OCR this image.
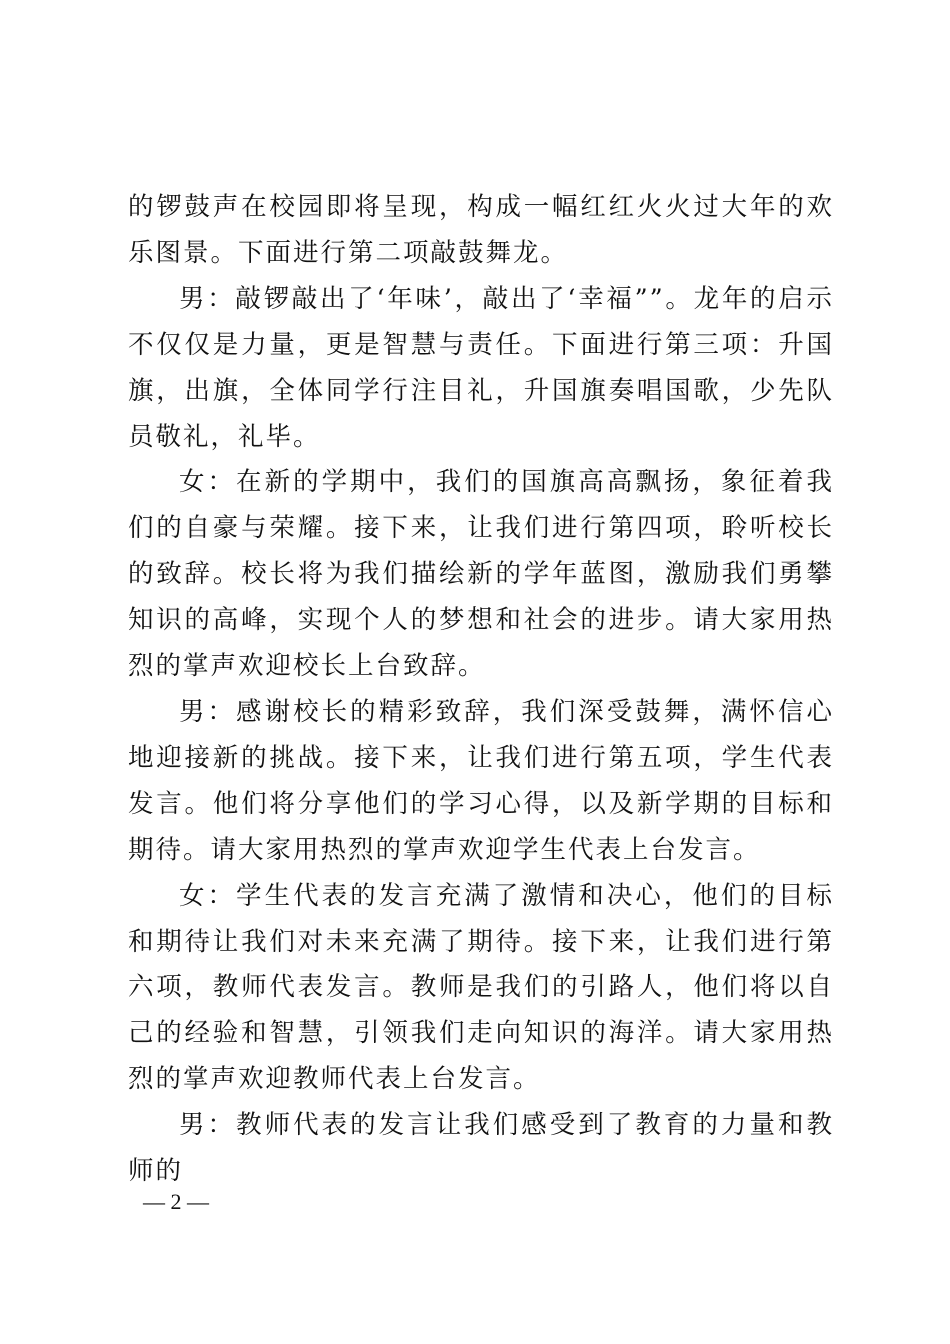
的锣鼓声在校园即将呈现，构成一幅红红火火过大年的欢乐图景。下面进行第二项敲鼓舞龙。

男：敲锣敲出了‘年味’，敲出了‘幸福””。龙年的启示不仅仅是力量，更是智慧与责任。下面进行第三项：升国旗，出旗，全体同学行注目礼，升国旗奏唱国歌，少先队员敬礼，礼毕。

女：在新的学期中，我们的国旗高高飘扬，象征着我们的自豪与荣耀。接下来，让我们进行第四项，聆听校长的致辞。校长将为我们描绘新的学年蓝图，激励我们勇攀知识的高峰，实现个人的梦想和社会的进步。请大家用热烈的掌声欢迎校长上台致辞。

男：感谢校长的精彩致辞，我们深受鼓舞，满怀信心地迎接新的挑战。接下来，让我们进行第五项，学生代表发言。他们将分享他们的学习心得，以及新学期的目标和期待。请大家用热烈的掌声欢迎学生代表上台发言。

女：学生代表的发言充满了激情和决心，他们的目标和期待让我们对未来充满了期待。接下来，让我们进行第六项，教师代表发言。教师是我们的引路人，他们将以自己的经验和智慧，引领我们走向知识的海洋。请大家用热烈的掌声欢迎教师代表上台发言。

男：教师代表的发言让我们感受到了教育的力量和教师的

— 2 —
